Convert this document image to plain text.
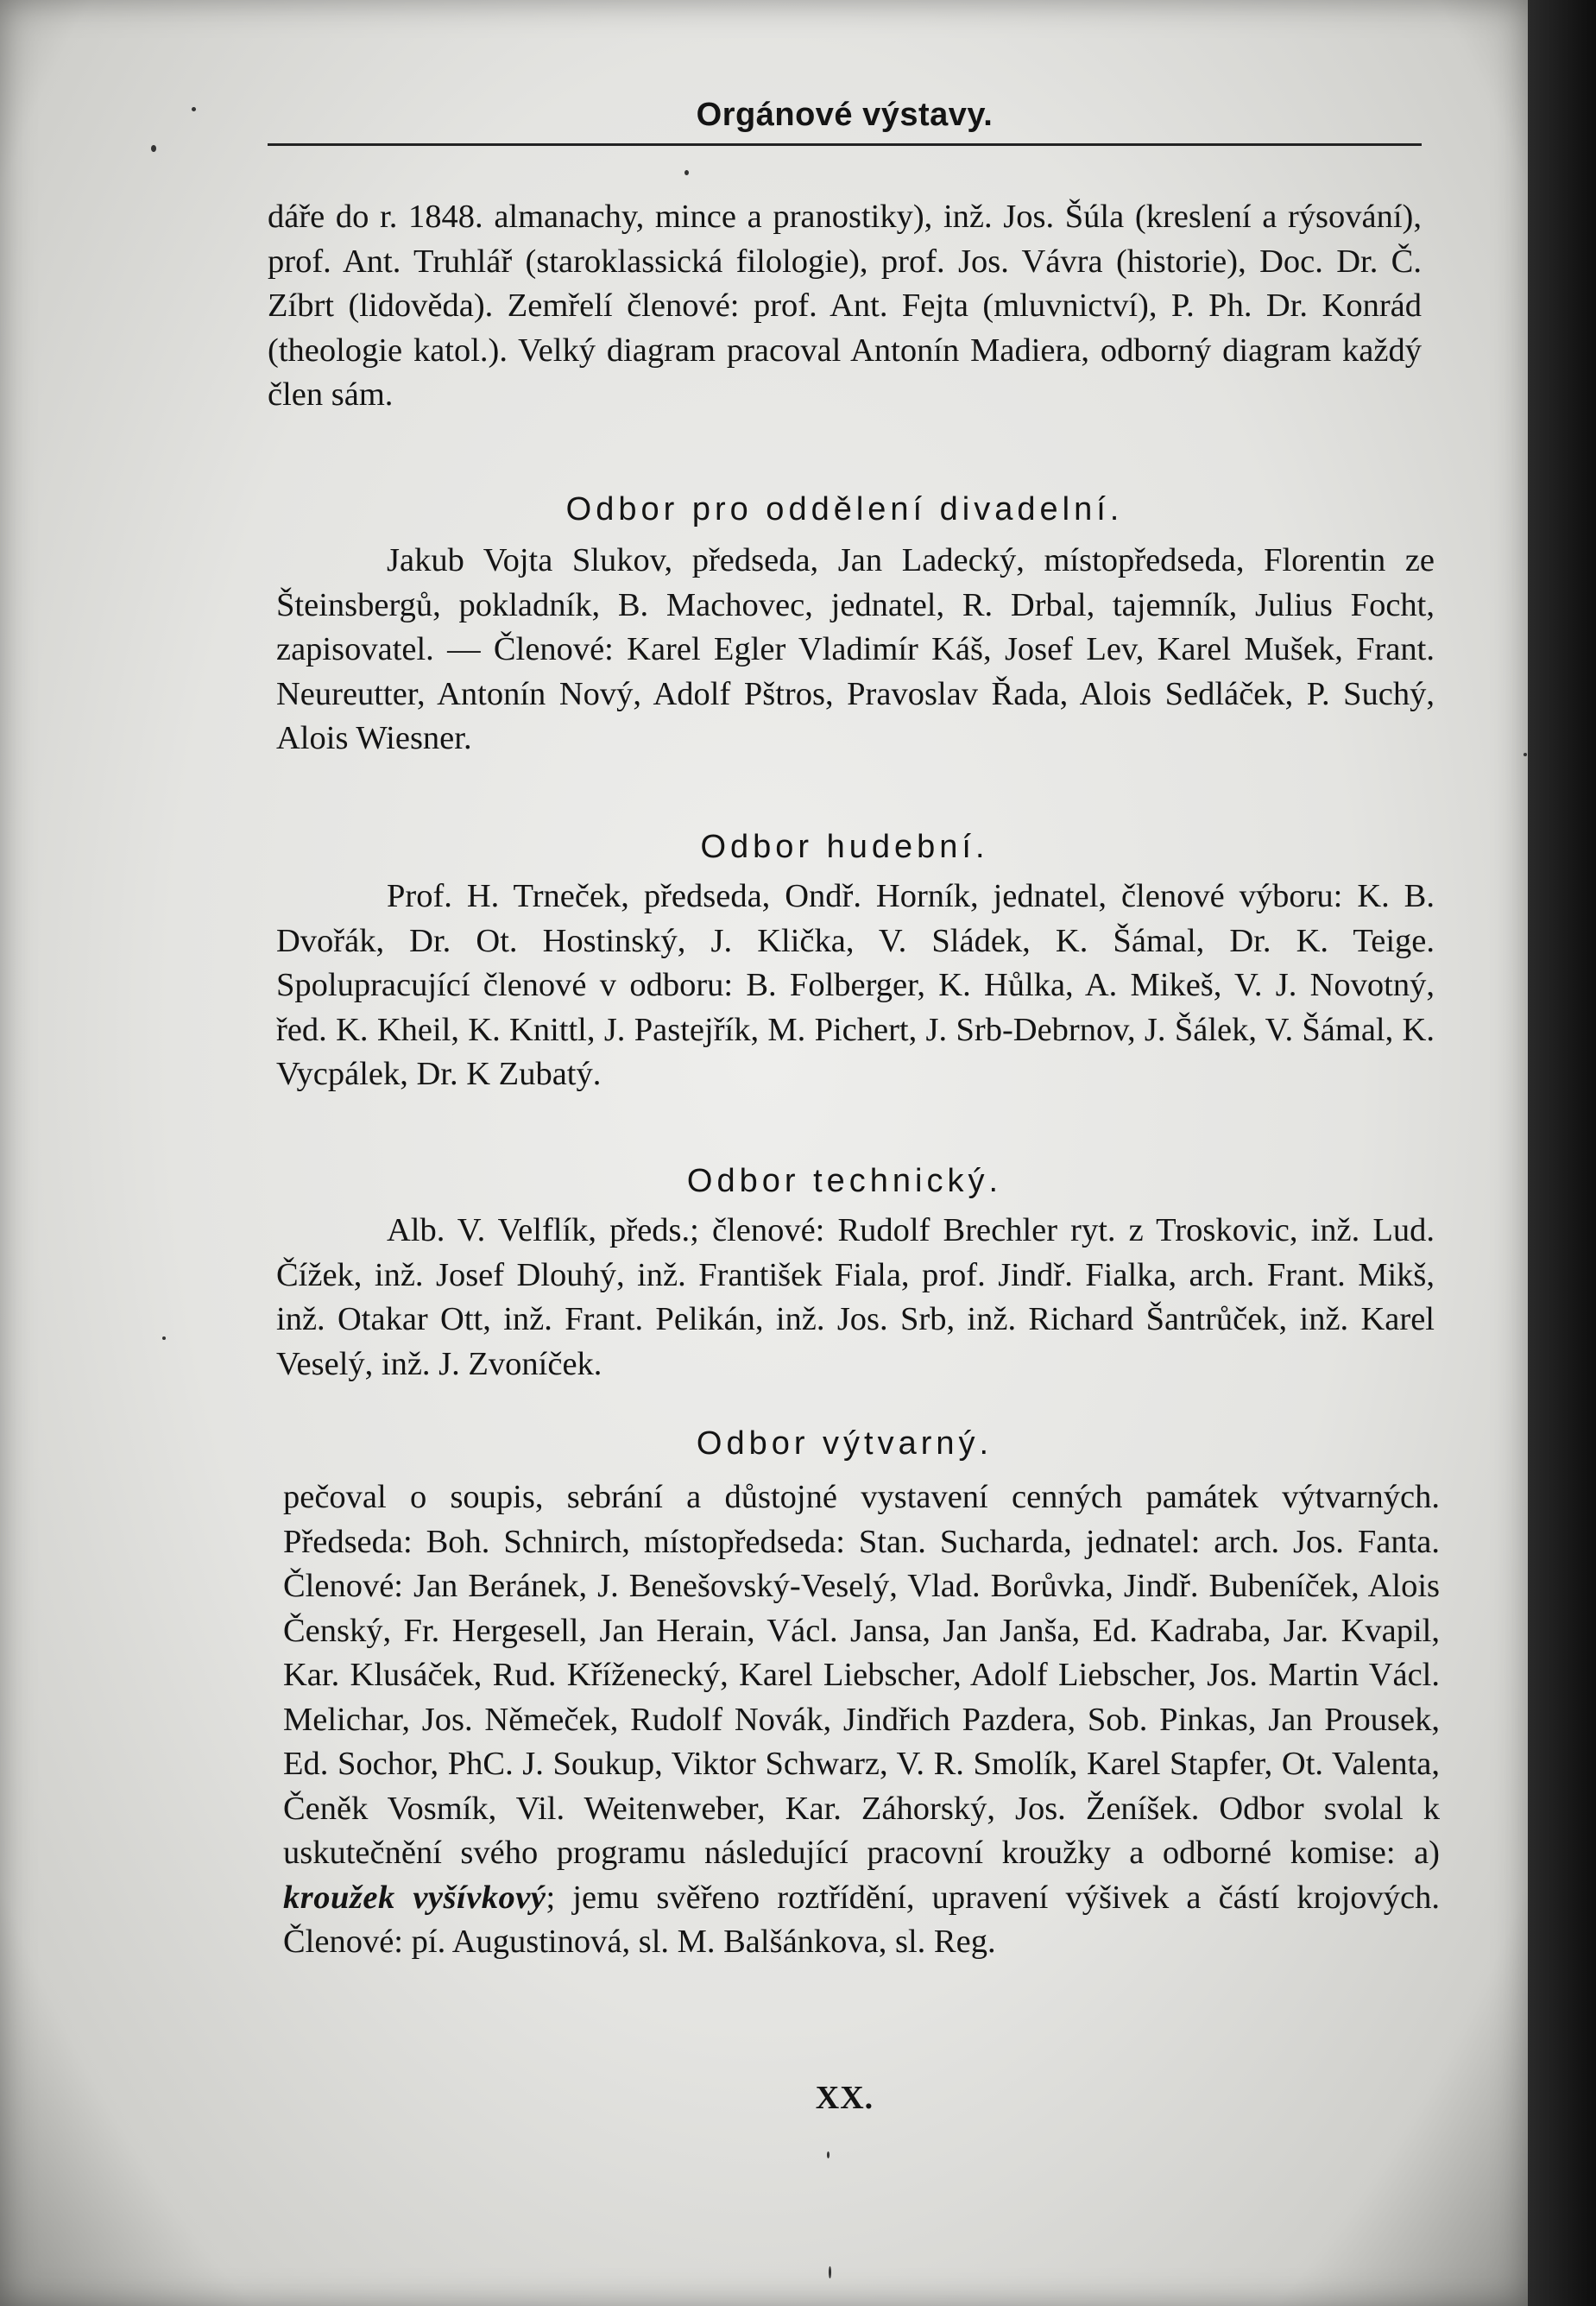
Orgánové výstavy.

dáře do r. 1848. almanachy, mince a pranostiky), inž. Jos. Šúla (kreslení a rýsování), prof. Ant. Truhlář (staroklassická filologie), prof. Jos. Vávra (historie), Doc. Dr. Č. Zíbrt (lidověda). Zemřelí členové: prof. Ant. Fejta (mluvnictví), P. Ph. Dr. Konrád (theologie katol.). Velký diagram pracoval Antonín Madiera, odborný diagram každý člen sám.

Odbor pro oddělení divadelní.

Jakub Vojta Slukov, předseda, Jan Ladecký, místopředseda, Florentin ze Šteinsbergů, pokladník, B. Machovec, jednatel, R. Drbal, tajemník, Julius Focht, zapisovatel. — Členové: Karel Egler Vladimír Káš, Josef Lev, Karel Mušek, Frant. Neureutter, Antonín Nový, Adolf Pštros, Pravoslav Řada, Alois Sedláček, P. Suchý, Alois Wiesner.

Odbor hudební.

Prof. H. Trneček, předseda, Ondř. Horník, jednatel, členové výboru: K. B. Dvořák, Dr. Ot. Hostinský, J. Klička, V. Sládek, K. Šámal, Dr. K. Teige. Spolupracující členové v odboru: B. Folberger, K. Hůlka, A. Mikeš, V. J. Novotný, řed. K. Kheil, K. Knittl, J. Pastejřík, M. Pichert, J. Srb-Debrnov, J. Šálek, V. Šámal, K. Vycpálek, Dr. K Zubatý.

Odbor technický.

Alb. V. Velflík, předs.; členové: Rudolf Brechler ryt. z Troskovic, inž. Lud. Čížek, inž. Josef Dlouhý, inž. František Fiala, prof. Jindř. Fialka, arch. Frant. Mikš, inž. Otakar Ott, inž. Frant. Pelikán, inž. Jos. Srb, inž. Richard Šantrůček, inž. Karel Veselý, inž. J. Zvoníček.

Odbor výtvarný.

pečoval o soupis, sebrání a důstojné vystavení cenných památek výtvarných. Předseda: Boh. Schnirch, místopředseda: Stan. Sucharda, jednatel: arch. Jos. Fanta. Členové: Jan Beránek, J. Benešovský-Veselý, Vlad. Borůvka, Jindř. Bubeníček, Alois Čenský, Fr. Hergesell, Jan Herain, Václ. Jansa, Jan Janša, Ed. Kadraba, Jar. Kvapil, Kar. Klusáček, Rud. Kříženecký, Karel Liebscher, Adolf Liebscher, Jos. Martin Václ. Melichar, Jos. Němeček, Rudolf Novák, Jindřich Pazdera, Sob. Pinkas, Jan Prousek, Ed. Sochor, PhC. J. Soukup, Viktor Schwarz, V. R. Smolík, Karel Stapfer, Ot. Valenta, Čeněk Vosmík, Vil. Weitenweber, Kar. Záhorský, Jos. Ženíšek. Odbor svolal k uskutečnění svého programu následující pracovní kroužky a odborné komise: a) kroužek vyšívkový; jemu svěřeno roztřídění, upravení výšivek a částí krojových. Členové: pí. Augustinová, sl. M. Balšánkova, sl. Reg.

XX.
